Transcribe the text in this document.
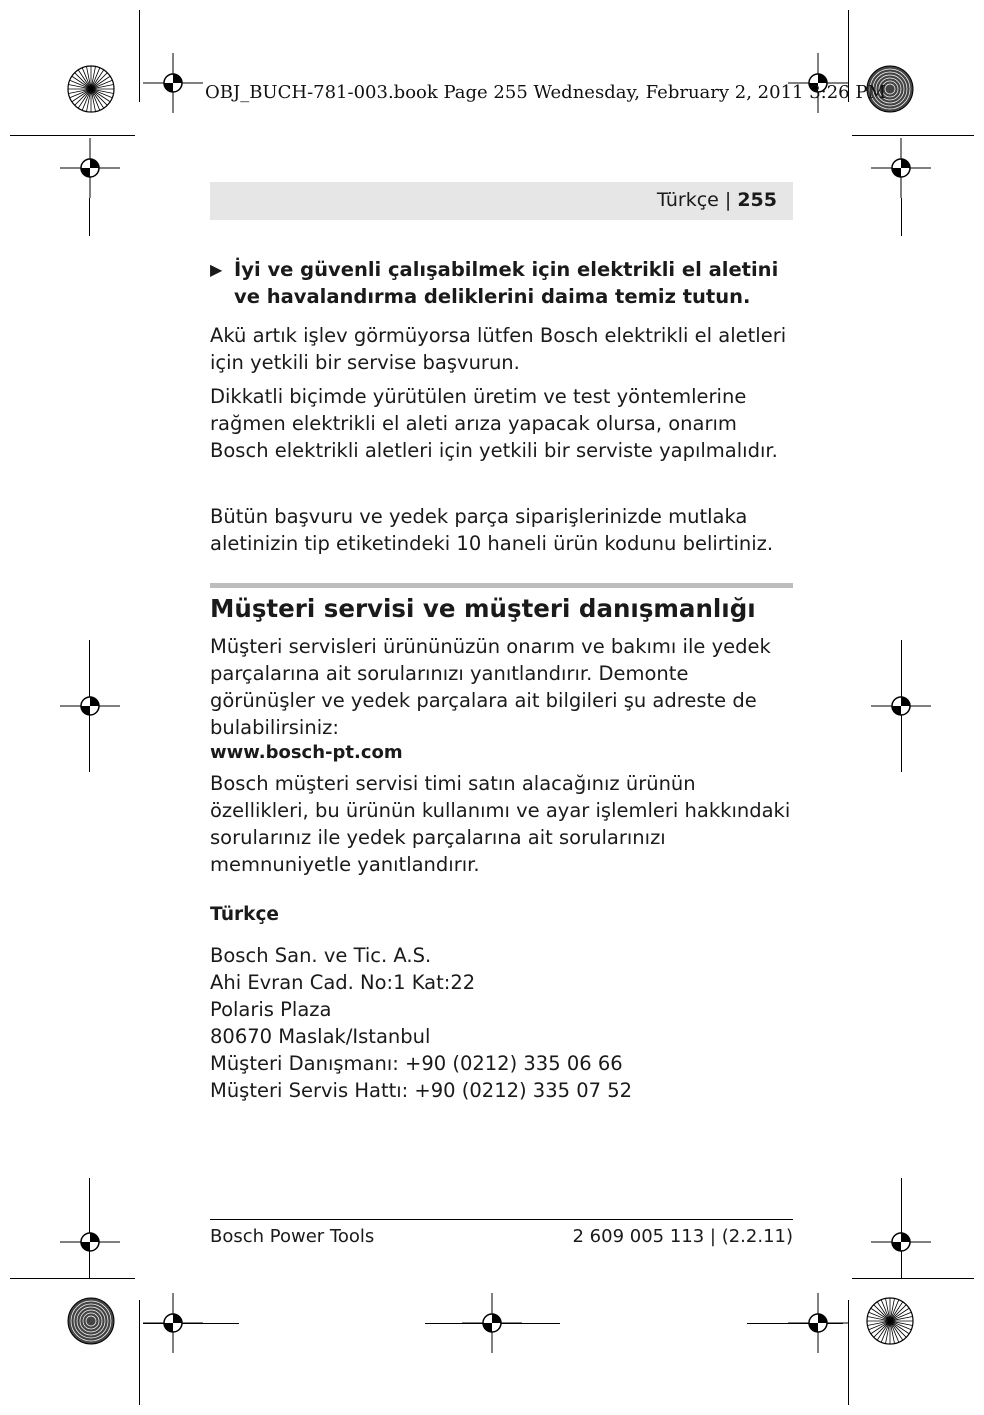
OBJ_BUCH-781-003.book Page 255 Wednesday, February 2, 2011 3:26 PM
Türkçe | 255
▶ İyi ve güvenli çalışabilmek için elektrikli el aletini ve havalandırma deliklerini daima temiz tutun.

Akü artık işlev görmüyorsa lütfen Bosch elektrikli el aletleri için yetkili bir servise başvurun.

Dikkatli biçimde yürütülen üretim ve test yöntemlerine rağmen elektrikli el aleti arıza yapacak olursa, onarım Bosch elektrikli aletleri için yetkili bir serviste yapılmalıdır.

Bütün başvuru ve yedek parça siparişlerinizde mutlaka aletinizin tip etiketindeki 10 haneli ürün kodunu belirtiniz.

Müşteri servisi ve müşteri danışmanlığı

Müşteri servisleri ürününüzün onarım ve bakımı ile yedek parçalarına ait sorularınızı yanıtlandırır. Demonte görünüşler ve yedek parçalara ait bilgileri şu adreste de bulabilirsiniz:

www.bosch-pt.com

Bosch müşteri servisi timi satın alacağınız ürünün özellikleri, bu ürünün kullanımı ve ayar işlemleri hakkındaki sorularınız ile yedek parçalarına ait sorularınızı memnuniyetle yanıtlandırır.

Türkçe

Bosch San. ve Tic. A.S.

Ahi Evran Cad. No:1 Kat:22

Polaris Plaza

80670 Maslak/Istanbul

Müşteri Danışmanı: +90 (0212) 335 06 66

Müşteri Servis Hattı: +90 (0212) 335 07 52

Bosch Power Tools	2 609 005 113 | (2.2.11)
